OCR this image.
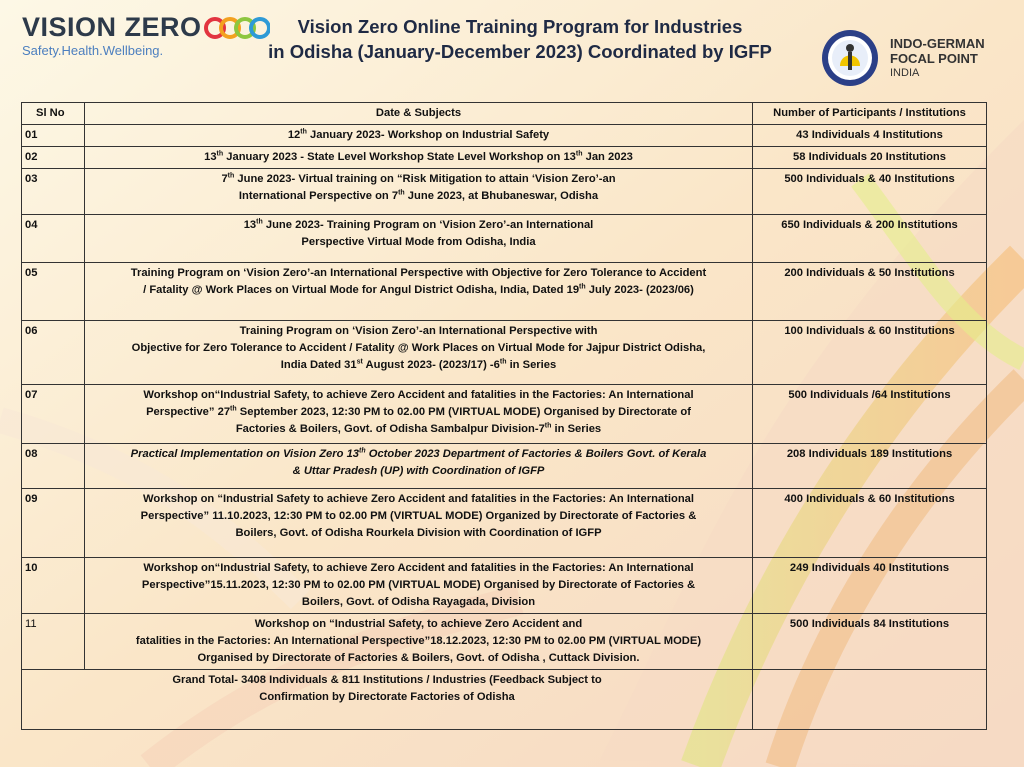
VISION ZERO
Safety.Health.Wellbeing.
Vision Zero Online Training Program for Industries
in Odisha (January-December 2023) Coordinated by IGFP	INDO-GERMAN
FOCAL POINT
INDIA
Sl No	Date & Subjects	Number of Participants / Institutions
01	12th January 2023- Workshop on Industrial Safety	43 Individuals 4 Institutions
02	13th January 2023 - State Level Workshop State Level Workshop on 13th Jan 2023	58 Individuals 20 Institutions
03	7th June 2023- Virtual training on “Risk Mitigation to attain ‘Vision Zero’-an
International Perspective on 7th June 2023, at Bhubaneswar, Odisha	500 Individuals & 40 Institutions
04	13th June 2023- Training Program on ‘Vision Zero’-an International
Perspective Virtual Mode from Odisha, India	650 Individuals & 200 Institutions
05	Training Program on ‘Vision Zero’-an International Perspective with Objective for Zero Tolerance to Accident
/ Fatality @ Work Places on Virtual Mode for Angul District Odisha, India, Dated 19th July 2023- (2023/06)	200 Individuals & 50 Institutions
06	Training Program on ‘Vision Zero’-an International Perspective with
Objective for Zero Tolerance to Accident / Fatality @ Work Places on Virtual Mode for Jajpur District Odisha,
India Dated 31st August 2023- (2023/17) -6th in Series	100 Individuals & 60 Institutions
07	Workshop on“Industrial Safety, to achieve Zero Accident and fatalities in the Factories: An International
Perspective” 27th September 2023, 12:30 PM to 02.00 PM (VIRTUAL MODE) Organised by Directorate of
Factories & Boilers, Govt. of Odisha Sambalpur Division-7th in Series	500 Individuals /64 Institutions
08	Practical Implementation on Vision Zero 13th October 2023 Department of Factories & Boilers Govt. of Kerala
& Uttar Pradesh (UP) with Coordination of IGFP	208 Individuals 189 Institutions
09	Workshop on “Industrial Safety to achieve Zero Accident and fatalities in the Factories: An International
Perspective” 11.10.2023, 12:30 PM to 02.00 PM (VIRTUAL MODE) Organized by Directorate of Factories &
Boilers, Govt. of Odisha Rourkela Division with Coordination of IGFP	400 Individuals & 60 Institutions
10	Workshop on“Industrial Safety, to achieve Zero Accident and fatalities in the Factories: An International
Perspective”15.11.2023, 12:30 PM to 02.00 PM (VIRTUAL MODE) Organised by Directorate of Factories &
Boilers, Govt. of Odisha Rayagada, Division	249 Individuals 40 Institutions
11	Workshop on “Industrial Safety, to achieve Zero Accident and
fatalities in the Factories: An International Perspective”18.12.2023, 12:30 PM to 02.00 PM (VIRTUAL MODE)
Organised by Directorate of Factories & Boilers, Govt. of Odisha , Cuttack Division.	500 Individuals 84 Institutions

Grand Total- 3408 Individuals & 811 Institutions / Industries (Feedback Subject to
Confirmation by Directorate Factories of Odisha		
